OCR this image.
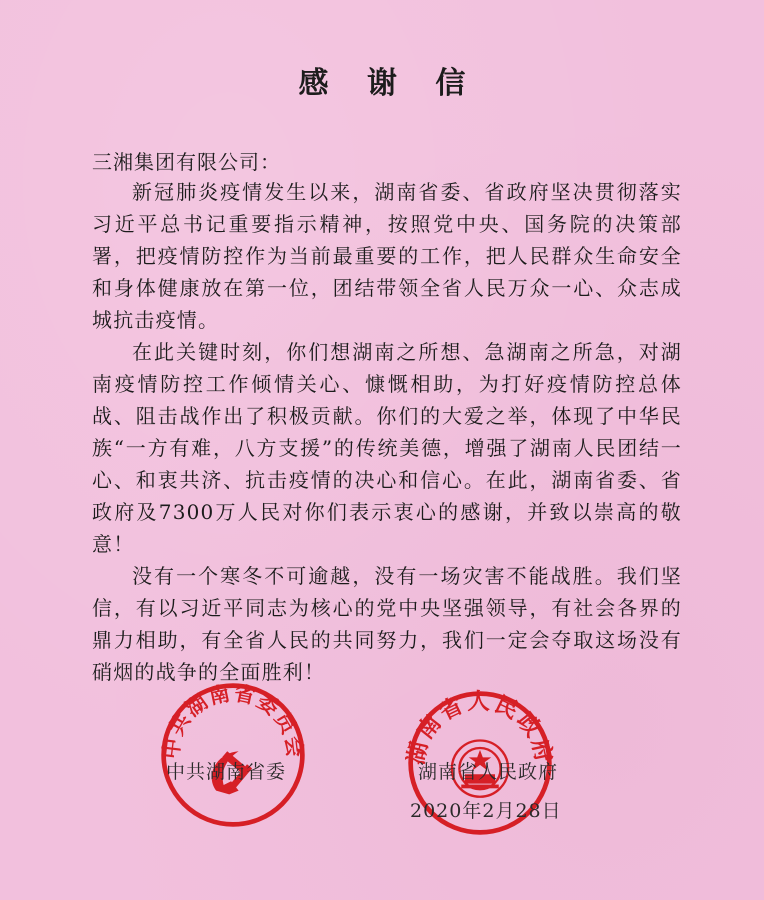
感 谢 信
三湘集团有限公司：

新冠肺炎疫情发生以来，湖南省委、省政府坚决贯彻落实习近平总书记重要指示精神，按照党中央、国务院的决策部署，把疫情防控作为当前最重要的工作，把人民群众生命安全和身体健康放在第一位，团结带领全省人民万众一心、众志成城抗击疫情。

在此关键时刻，你们想湖南之所想、急湖南之所急，对湖南疫情防控工作倾情关心、慷慨相助，为打好疫情防控总体战、阻击战作出了积极贡献。你们的大爱之举，体现了中华民族“一方有难，八方支援”的传统美德，增强了湖南人民团结一心、和衷共济、抗击疫情的决心和信心。在此，湖南省委、省政府及7300万人民对你们表示衷心的感谢，并致以崇高的敬意！

没有一个寒冬不可逾越，没有一场灾害不能战胜。我们坚信，有以习近平同志为核心的党中央坚强领导，有社会各界的鼎力相助，有全省人民的共同努力，我们一定会夺取这场没有硝烟的战争的全面胜利！

中共湖南省委员会	湖南省人民政府
中共湖南省委	湖南省人民政府
2020年2月28日
